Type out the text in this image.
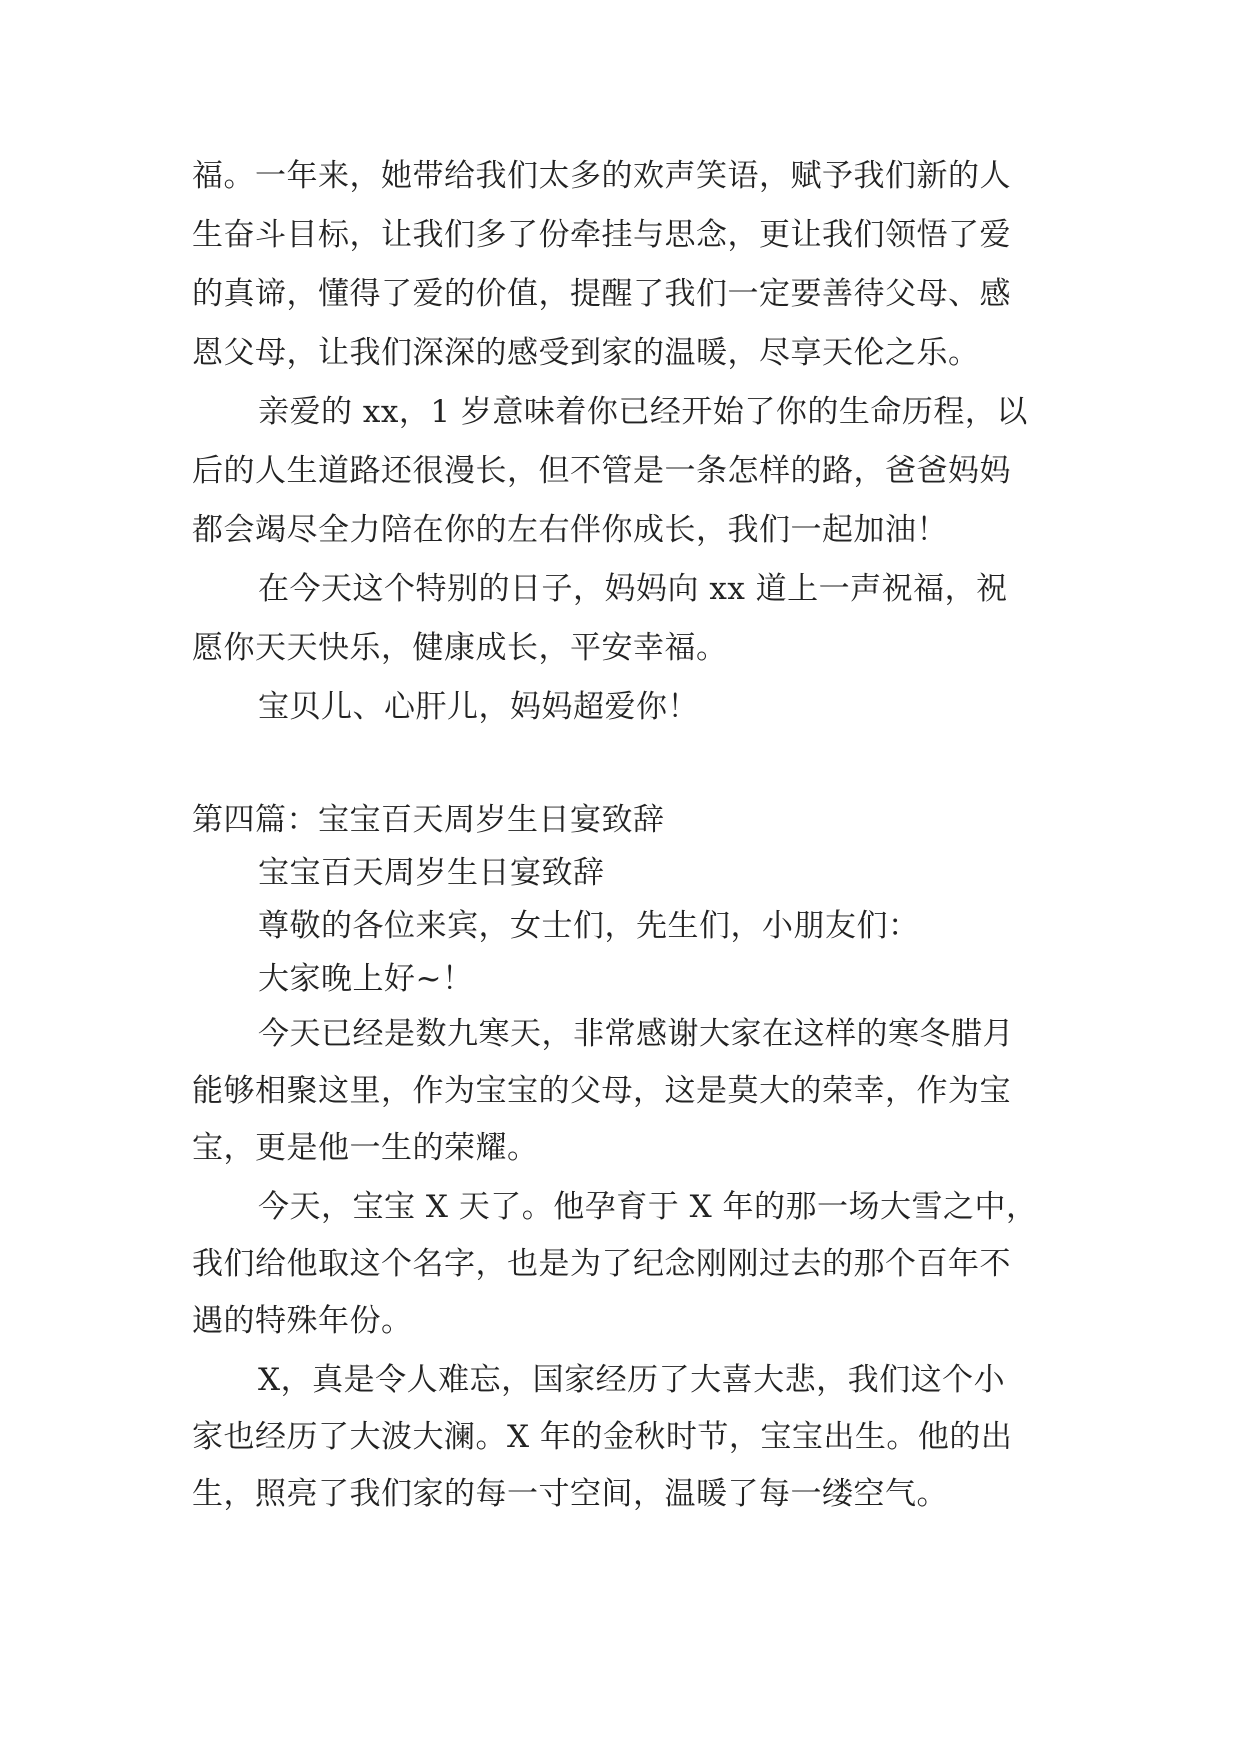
福。一年来，她带给我们太多的欢声笑语，赋予我们新的人
生奋斗目标，让我们多了份牵挂与思念，更让我们领悟了爱
的真谛，懂得了爱的价值，提醒了我们一定要善待父母、感
恩父母，让我们深深的感受到家的温暖，尽享天伦之乐。
亲爱的 xx，1 岁意味着你已经开始了你的生命历程，以
后的人生道路还很漫长，但不管是一条怎样的路，爸爸妈妈
都会竭尽全力陪在你的左右伴你成长，我们一起加油！
在今天这个特别的日子，妈妈向 xx 道上一声祝福，祝
愿你天天快乐，健康成长，平安幸福。
宝贝儿、心肝儿，妈妈超爱你！
第四篇：宝宝百天周岁生日宴致辞
宝宝百天周岁生日宴致辞
尊敬的各位来宾，女士们，先生们，小朋友们：
大家晚上好~！
今天已经是数九寒天，非常感谢大家在这样的寒冬腊月
能够相聚这里，作为宝宝的父母，这是莫大的荣幸，作为宝
宝，更是他一生的荣耀。
今天，宝宝 X 天了。他孕育于 X 年的那一场大雪之中，
我们给他取这个名字，也是为了纪念刚刚过去的那个百年不
遇的特殊年份。
X，真是令人难忘，国家经历了大喜大悲，我们这个小
家也经历了大波大澜。X 年的金秋时节，宝宝出生。他的出
生，照亮了我们家的每一寸空间，温暖了每一缕空气。
